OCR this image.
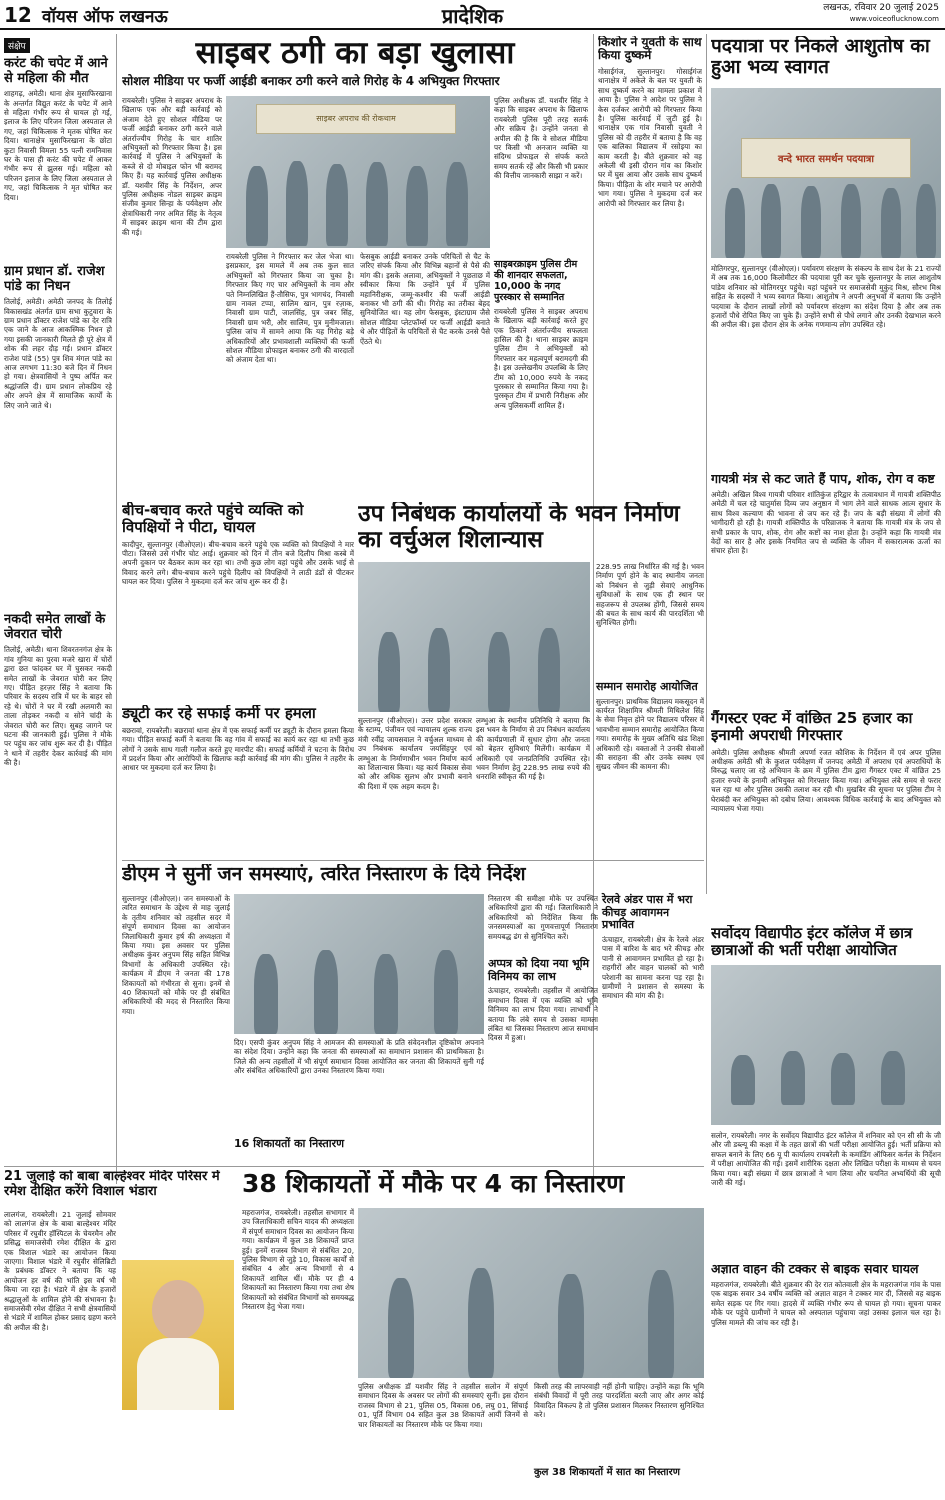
12 वॉयस ऑफ लखनऊ	प्रादेशिक	लखनऊ, रविवार 20 जुलाई 2025
www.voiceoflucknow.com
संक्षेप
करंट की चपेट में आने से महिला की मौत
शाहगढ़, अमेठी। थाना क्षेत्र मुसाफिरखाना के अन्तर्गत विद्युत करंट के चपेट में आने से महिला गंभीर रूप से घायल हो गई, इलाज के लिए परिजन जिला अस्पताल ले गए, जहां चिकित्सक ने मृतक घोषित कर दिया। थानाक्षेत्र मुसाफिरखाना के छोटा कुटा निवासी विमला 55 पत्नी रामनिवास घर के पास ही करंट की चपेट में आकर गंभीर रूप से झुलस गई। महिला को परिजन इलाज के लिए जिला अस्पताल ले गए, जहां चिकित्सक ने मृत घोषित कर दिया।
ग्राम प्रधान डॉ. राजेश पांडे का निधन
तिलोई, अमेठी। अमेठी जनपद के तिलोई विकासखंड अंतर्गत ग्राम सभा कुटुवारा के ग्राम प्रधान डॉक्टर राजेश पांडे का देर रात्रि एक जाने के आज आकस्मिक निधन हो गया इसकी जानकारी मिलते ही पूरे क्षेत्र में शोक की लहर दौड़ गई। प्रधान डॉक्टर राजेश पांडे (55) पुत्र शिव मंगल पांडे का आज लगभग 11:30 बजे दिन में निधन हो गया। क्षेत्रवासियों ने पुष्प अर्पित कर श्रद्धांजलि दी। ग्राम प्रधान लोकप्रिय रहे और अपने क्षेत्र में सामाजिक कार्यों के लिए जाने जाते थे।
नकदी समेत लाखों के जेवरात चोरी
तिलोई, अमेठी। थाना शिवरतनगंज क्षेत्र के गांव गुनिया का पुरवा मजरे खारा में चोरों द्वारा छत फांदकर घर में घुसकर नकदी समेत लाखों के जेवरात चोरी कर लिए गए। पीड़ित हरज़र सिंह ने बताया कि परिवार के सदस्य रात्रि में घर के बाहर सो रहे थे। चोरों ने घर में रखी अलमारी का ताला तोड़कर नकदी व सोने चांदी के जेवरात चोरी कर लिए। सुबह जागने पर घटना की जानकारी हुई। पुलिस ने मौके पर पहुंच कर जांच शुरू कर दी है। पीड़ित ने थाने में तहरीर देकर कार्रवाई की मांग की है।
साइबर ठगी का बड़ा खुलासा
सोशल मीडिया पर फर्जी आईडी बनाकर ठगी करने वाले गिरोह के 4 अभियुक्त गिरफ्तार
रायबरेली। पुलिस ने साइबर अपराध के खिलाफ एक और बड़ी कार्रवाई को अंजाम देते हुए सोशल मीडिया पर फर्जी आईडी बनाकर ठगी करने वाले अंतर्राज्यीय गिरोह के चार शातिर अभियुक्तों को गिरफ्तार किया है। इस कार्रवाई में पुलिस ने अभियुक्तों के कब्जे से दो मोबाइल फोन भी बरामद किए हैं। यह कार्रवाई पुलिस अधीक्षक डॉ. यशवीर सिंह के निर्देशन, अपर पुलिस अधीक्षक नोडल साइबर क्राइम संजीव कुमार सिन्हा के पर्यवेक्षण और क्षेत्राधिकारी नगर अमित सिंह के नेतृत्व में साइबर क्राइम थाना की टीम द्वारा की गई।
साइबर अपराध की रोकथाम
रायबरेली पुलिस ने गिरफ्तार कर जेल भेजा था। इसप्रकार, इस मामले में अब तक कुल सात अभियुक्तों को गिरफ्तार किया जा चुका है। गिरफ्तार किए गए चार अभियुक्तों के नाम और पते निम्नलिखित हैं-तौसिफ, पुत्र भागचंद, निवासी ग्राम नावल टप्पा, सालिम खान, पुत्र रज़ाक, निवासी ग्राम पाटी, जालसिंह, पुत्र जबर सिंह, निवासी ग्राम भरी, और सालिम, पुत्र मुनीमजाल। पुलिस जांच में सामने आया कि यह गिरोह बड़े अधिकारियों और प्रभावशाली व्यक्तियों की फर्जी सोशल मीडिया प्रोफाइल बनाकर ठगी की वारदातों को अंजाम देता था।
फेसबुक आईडी बनाकर उनके परिचितों से चैट के जरिए संपर्क किया और विभिन्न बहानों से पैसे की मांग की। इसके अलावा, अभियुक्तों ने पूछताछ में स्वीकार किया कि उन्होंने पूर्व में पुलिस महानिरीक्षक, जम्मू-कश्मीर की फर्जी आईडी बनाकर भी ठगी की थी। गिरोह का तरीका बेहद सुनियोजित था। यह लोग फेसबुक, इंस्टाग्राम जैसे सोशल मीडिया प्लेटफॉर्म्स पर फर्जी आईडी बनाते थे और पीड़ितों के परिचितों से चैट करके उनसे पैसे ऐंठते थे।
पुलिस अधीक्षक डॉ. यशवीर सिंह ने कहा कि साइबर अपराध के खिलाफ रायबरेली पुलिस पूरी तरह सतर्क और सक्रिय है। उन्होंने जनता से अपील की है कि वे सोशल मीडिया पर किसी भी अनजान व्यक्ति या संदिग्ध प्रोफाइल से संपर्क करते समय सतर्क रहें और किसी भी प्रकार की वित्तीय जानकारी साझा न करें।
साइबरक्राइम पुलिस टीम की शानदार सफलता, 10,000 के नगद पुरस्कार से सम्मानित
रायबरेली पुलिस ने साइबर अपराध के खिलाफ बड़ी कार्रवाई करते हुए एक ठिकाने अंतर्राज्यीय सफलता हासिल की है। थाना साइबर क्राइम पुलिस टीम ने अभियुक्तों को गिरफ्तार कर महत्वपूर्ण बरामदगी की है। इस उल्लेखनीय उपलब्धि के लिए टीम को 10,000 रुपये के नकद पुरस्कार से सम्मानित किया गया है। पुरस्कृत टीम में प्रभारी निरीक्षक और अन्य पुलिसकर्मी शामिल हैं।
किशोर ने युवती के साथ किया दुष्कर्म
गोसाईगंज, सुल्तानपुर। गोसाईगंज थानाक्षेत्र में अकेले के बल पर युवती के साथ दुष्कर्म करने का मामला प्रकाश में आया है। पुलिस ने आदेश पर पुलिस ने केस दर्जकर आरोपी को गिरफ्तार किया है। पुलिस कार्रवाई में जुटी हुई है। थानाक्षेत्र एक गांव निवासी युवती ने पुलिस को दी तहरीर में बताया है कि वह एक बालिका विद्यालय में रसोइया का काम करती है। बीते शुक्रवार को वह अकेली थी इसी दौरान गांव का किशोर घर में घुस आया और उसके साथ दुष्कर्म किया। पीड़िता के शोर मचाने पर आरोपी भाग गया। पुलिस ने मुकदमा दर्ज कर आरोपी को गिरफ्तार कर लिया है।
पदयात्रा पर निकले आशुतोष का हुआ भव्य स्वागत
वन्दे भारत समर्थन पदयात्रा
मोतिगरपुर, सुल्तानपुर (वीओएल)। पर्यावरण संरक्षण के संकल्प के साथ देश के 21 राज्यों में अब तक 16,000 किलोमीटर की पदयात्रा पूरी कर चुके सुल्तानपुर के लाल आशुतोष पांडेय शनिवार को मोतिगरपुर पहुंचे। यहां पहुंचने पर समाजसेवी मुकुंद मिश्र, सौरभ मिश्र सहित के सदस्यों ने भव्य स्वागत किया। आशुतोष ने अपनी अनुभवों में बताया कि उन्होंने पदयात्रा के दौरान लाखों लोगों को पर्यावरण संरक्षण का संदेश दिया है और अब तक हजारों पौधे रोपित किए जा चुके हैं। उन्होंने सभी से पौधे लगाने और उनकी देखभाल करने की अपील की। इस दौरान क्षेत्र के अनेक गणमान्य लोग उपस्थित रहे।
गायत्री मंत्र से कट जाते हैं पाप, शोक, रोग व कष्ट
अमेठी। अखिल विश्व गायत्री परिवार शांतिकुंज हरिद्वार के तत्वावधान में गायत्री शक्तिपीठ अमेठी में चल रहे चातुर्मास दिव्य जप अनुष्ठान में भाग लेने वाले साधक आत्म सुधार के साथ विश्व कल्याण की भावना से जप कर रहे हैं। जप के बड़ी संख्या में लोगों की भागीदारी हो रही है। गायत्री शक्तिपीठ के परिव्राजक ने बताया कि गायत्री मंत्र के जप से सभी प्रकार के पाप, शोक, रोग और कष्टों का नाश होता है। उन्होंने कहा कि गायत्री मंत्र वेदों का सार है और इसके नियमित जप से व्यक्ति के जीवन में सकारात्मक ऊर्जा का संचार होता है।
गैंगस्टर एक्ट में वांछित 25 हजार का इनामी अपराधी गिरफ्तार
अमेठी। पुलिस अधीक्षक श्रीमती अपर्णा रजत कौशिक के निर्देशन में एवं अपर पुलिस अधीक्षक अमेठी श्री के कुशल पर्यवेक्षण में जनपद अमेठी में अपराध एवं अपराधियों के विरुद्ध चलाए जा रहे अभियान के क्रम में पुलिस टीम द्वारा गैंगस्टर एक्ट में वांछित 25 हजार रुपये के इनामी अभियुक्त को गिरफ्तार किया गया। अभियुक्त लंबे समय से फरार चल रहा था और पुलिस उसकी तलाश कर रही थी। मुखबिर की सूचना पर पुलिस टीम ने घेराबंदी कर अभियुक्त को दबोच लिया। आवश्यक विधिक कार्रवाई के बाद अभियुक्त को न्यायालय भेजा गया।
सर्वोदय विद्यापीठ इंटर कॉलेज में छात्र छात्राओं की भर्ती परीक्षा आयोजित
सलोन, रायबरेली। नगर के सर्वोदय विद्यापीठ इंटर कॉलेज में शनिवार को एन सी सी के जी और जी डब्ल्यू की कक्षा में के तहत छात्रों की भर्ती परीक्षा आयोजित हुई। भर्ती प्रक्रिया को सफल बनाने के लिए 66 यू पी कार्यालय रायबरेली के कमांडिंग ऑफिसर कर्नल के निर्देशन में परीक्षा आयोजित की गई। इसमें शारीरिक दक्षता और लिखित परीक्षा के माध्यम से चयन किया गया। बड़ी संख्या में छात्र छात्राओं ने भाग लिया और चयनित अभ्यर्थियों की सूची जारी की गई।
अज्ञात वाहन की टक्कर से बाइक सवार घायल
महराजगंज, रायबरेली। बीते शुक्रवार की देर रात कोतवाली क्षेत्र के महराजगंज गांव के पास एक बाइक सवार 34 वर्षीय व्यक्ति को अज्ञात वाहन ने टक्कर मार दी, जिससे वह बाइक समेत सड़क पर गिर गया। हादसे में व्यक्ति गंभीर रूप से घायल हो गया। सूचना पाकर मौके पर पहुंचे ग्रामीणों ने घायल को अस्पताल पहुंचाया जहां उसका इलाज चल रहा है। पुलिस मामले की जांच कर रही है।
बीच-बचाव करते पहुंचे व्यक्ति को विपक्षियों ने पीटा, घायल
कादीपुर, सुल्तानपुर (वीओएल)। बीच-बचाव करने पहुंचे एक व्यक्ति को विपक्षियों ने मार पीटा। जिससे उसे गंभीर चोट आई। शुक्रवार को दिन में तीन बजे दिलीप मिश्रा कस्बे में अपनी दुकान पर बैठकर काम कर रहा था। तभी कुछ लोग वहां पहुंचे और उसके भाई से विवाद करने लगे। बीच-बचाव करने पहुंचे दिलीप को विपक्षियों ने लाठी डंडों से पीटकर घायल कर दिया। पुलिस ने मुकदमा दर्ज कर जांच शुरू कर दी है।
ड्यूटी कर रहे सफाई कर्मी पर हमला
बछरावां, रायबरेली। बछरावां थाना क्षेत्र में एक सफाई कर्मी पर ड्यूटी के दौरान हमला किया गया। पीड़ित सफाई कर्मी ने बताया कि वह गांव में सफाई का कार्य कर रहा था तभी कुछ लोगों ने उसके साथ गाली गलौज करते हुए मारपीट की। सफाई कर्मियों ने घटना के विरोध में प्रदर्शन किया और आरोपियों के खिलाफ कड़ी कार्रवाई की मांग की। पुलिस ने तहरीर के आधार पर मुकदमा दर्ज कर लिया है।
उप निबंधक कार्यालयों के भवन निर्माण का वर्चुअल शिलान्यास
सुल्तानपुर (वीओएल)। उत्तर प्रदेश सरकार के स्टाम्प, पंजीयन एवं न्यायालय शुल्क राज्य मंत्री रवींद्र जायसवाल ने वर्चुअल माध्यम से उप निबंधक कार्यालय जयसिंहपुर एवं लम्भुआ के निर्माणाधीन भवन निर्माण कार्य का शिलान्यास किया। यह कार्य विकास सेवा को और अधिक सुलभ और प्रभावी बनाने की दिशा में एक अहम कदम है।
लम्भुआ के स्थानीय प्रतिनिधि ने बताया कि इस भवन के निर्माण से उप निबंधन कार्यालय की कार्यप्रणाली में सुधार होगा और जनता को बेहतर सुविधाएं मिलेंगी। कार्यक्रम में अधिकारी एवं जनप्रतिनिधि उपस्थित रहे। भवन निर्माण हेतु 228.95 लाख रुपये की धनराशि स्वीकृत की गई है।
228.95 लाख निर्धारित की गई है। भवन निर्माण पूर्ण होने के बाद स्थानीय जनता को निबंधन से जुड़ी सेवाएं आधुनिक सुविधाओं के साथ एक ही स्थान पर सहजरूप से उपलब्ध होंगी, जिससे समय की बचत के साथ कार्य की पारदर्शिता भी सुनिश्चित होगी।
सम्मान समारोह आयोजित
सुल्तानपुर। प्राथमिक विद्यालय मकसूदन में कार्यरत शिक्षामित्र श्रीमती मिथिलेश सिंह के सेवा निवृत्त होने पर विद्यालय परिसर में भावभीना सम्मान समारोह आयोजित किया गया। समारोह के मुख्य अतिथि खंड शिक्षा अधिकारी रहे। वक्ताओं ने उनकी सेवाओं की सराहना की और उनके स्वस्थ एवं सुखद जीवन की कामना की।
डीएम ने सुनीं जन समस्याएं, त्वरित निस्तारण के दिये निर्देश
सुल्तानपुर (वीओएल)। जन समस्याओं के त्वरित समाधान के उद्देश्य से माह जुलाई के तृतीय शनिवार को तहसील सदर में संपूर्ण समाधान दिवस का आयोजन जिलाधिकारी कुमार हर्ष की अध्यक्षता में किया गया। इस अवसर पर पुलिस अधीक्षक कुंवर अनुपम सिंह सहित विभिन्न विभागों के अधिकारी उपस्थित रहे। कार्यक्रम में डीएम ने जनता की 178 शिकायतों को गंभीरता से सुना। इनमें से 40 शिकायतों को मौके पर ही संबंधित अधिकारियों की मदद से निस्तारित किया गया।
दिए। एसपी कुंवर अनुपम सिंह ने आमजन की समस्याओं के प्रति संवेदनशील दृष्टिकोण अपनाने का संदेश दिया। उन्होंने कहा कि जनता की समस्याओं का समाधान प्रशासन की प्राथमिकता है। जिले की अन्य तहसीलों में भी संपूर्ण समाधान दिवस आयोजित कर जनता की शिकायतें सुनी गई और संबंधित अधिकारियों द्वारा उनका निस्तारण किया गया।
16 शिकायतों का निस्तारण
निस्तारण की समीक्षा मौके पर उपस्थित अधिकारियों द्वारा की गई। जिलाधिकारी ने अधिकारियों को निर्देशित किया कि जनसमस्याओं का गुणवत्तापूर्ण निस्तारण समयबद्ध ढंग से सुनिश्चित करें।
अप्पत्र को दिया नया भूमि विनिमय का लाभ
ऊंचाहार, रायबरेली। तहसील में आयोजित समाधान दिवस में एक व्यक्ति को भूमि विनिमय का लाभ दिया गया। लाभार्थी ने बताया कि लंबे समय से उसका मामला लंबित था जिसका निस्तारण आज समाधान दिवस में हुआ।
रेलवे अंडर पास में भरा कीचड़ आवागमन प्रभावित
ऊंचाहार, रायबरेली। क्षेत्र के रेलवे अंडर पास में बारिश के बाद भरे कीचड़ और पानी से आवागमन प्रभावित हो रहा है। राहगीरों और वाहन चालकों को भारी परेशानी का सामना करना पड़ रहा है। ग्रामीणों ने प्रशासन से समस्या के समाधान की मांग की है।
21 जुलाई को बाबा बाल्हेश्वर मंदिर परिसर में रमेश दीक्षित करेंगे विशाल भंडारा
लालगंज, रायबरेली। 21 जुलाई सोमवार को लालगंज क्षेत्र के बाबा बाल्हेश्वर मंदिर परिसर में रघुवीर हॉस्पिटल के चेयरमैन और प्रसिद्ध समाजसेवी रमेश दीक्षित के द्वारा एक विशाल भंडारे का आयोजन किया जाएगा। विशाल भंडारे में रघुवीर सेलिब्रिटी के प्रबंधक डॉक्टर ने बताया कि यह आयोजन हर वर्ष की भांति इस वर्ष भी किया जा रहा है। भंडारे में क्षेत्र के हजारों श्रद्धालुओं के शामिल होने की संभावना है। समाजसेवी रमेश दीक्षित ने सभी क्षेत्रवासियों से भंडारे में शामिल होकर प्रसाद ग्रहण करने की अपील की है।
38 शिकायतों में मौके पर 4 का निस्तारण
महराजगंज, रायबरेली। तहसील सभागार में उप जिलाधिकारी सचिन यादव की अध्यक्षता में संपूर्ण समाधान दिवस का आयोजन किया गया। कार्यक्रम में कुल 38 शिकायतें प्राप्त हुई। इनमें राजस्व विभाग से संबंधित 20, पुलिस विभाग से जुड़े 10, विकास कार्यों से संबंधित 4 और अन्य विभागों से 4 शिकायतें शामिल थीं। मौके पर ही 4 शिकायतों का निस्तारण किया गया तथा शेष शिकायतों को संबंधित विभागों को समयबद्ध निस्तारण हेतु भेजा गया।
पुलिस अधीक्षक डॉ यशवीर सिंह ने तहसील सलोन में संपूर्ण समाधान दिवस के अवसर पर लोगों की समस्याएं सुनीं। इस दौरान राजस्व विभाग से 21, पुलिस 05, विकास 06, लघु 01, सिंचाई 01, पूर्ति विभाग 04 सहित कुल 38 शिकायतें आयीं जिनमें से चार शिकायतों का निस्तारण मौके पर किया गया।
किसी तरह की लापरवाही नहीं होनी चाहिए। उन्होंने कहा कि भूमि संबंधी विवादों में पूरी तरह पारदर्शिता बरती जाए और अगर कोई विवादित विकल्प है तो पुलिस प्रशासन मिलकर निस्तारण सुनिश्चित करे।
कुल 38 शिकायतों में सात का निस्तारण
